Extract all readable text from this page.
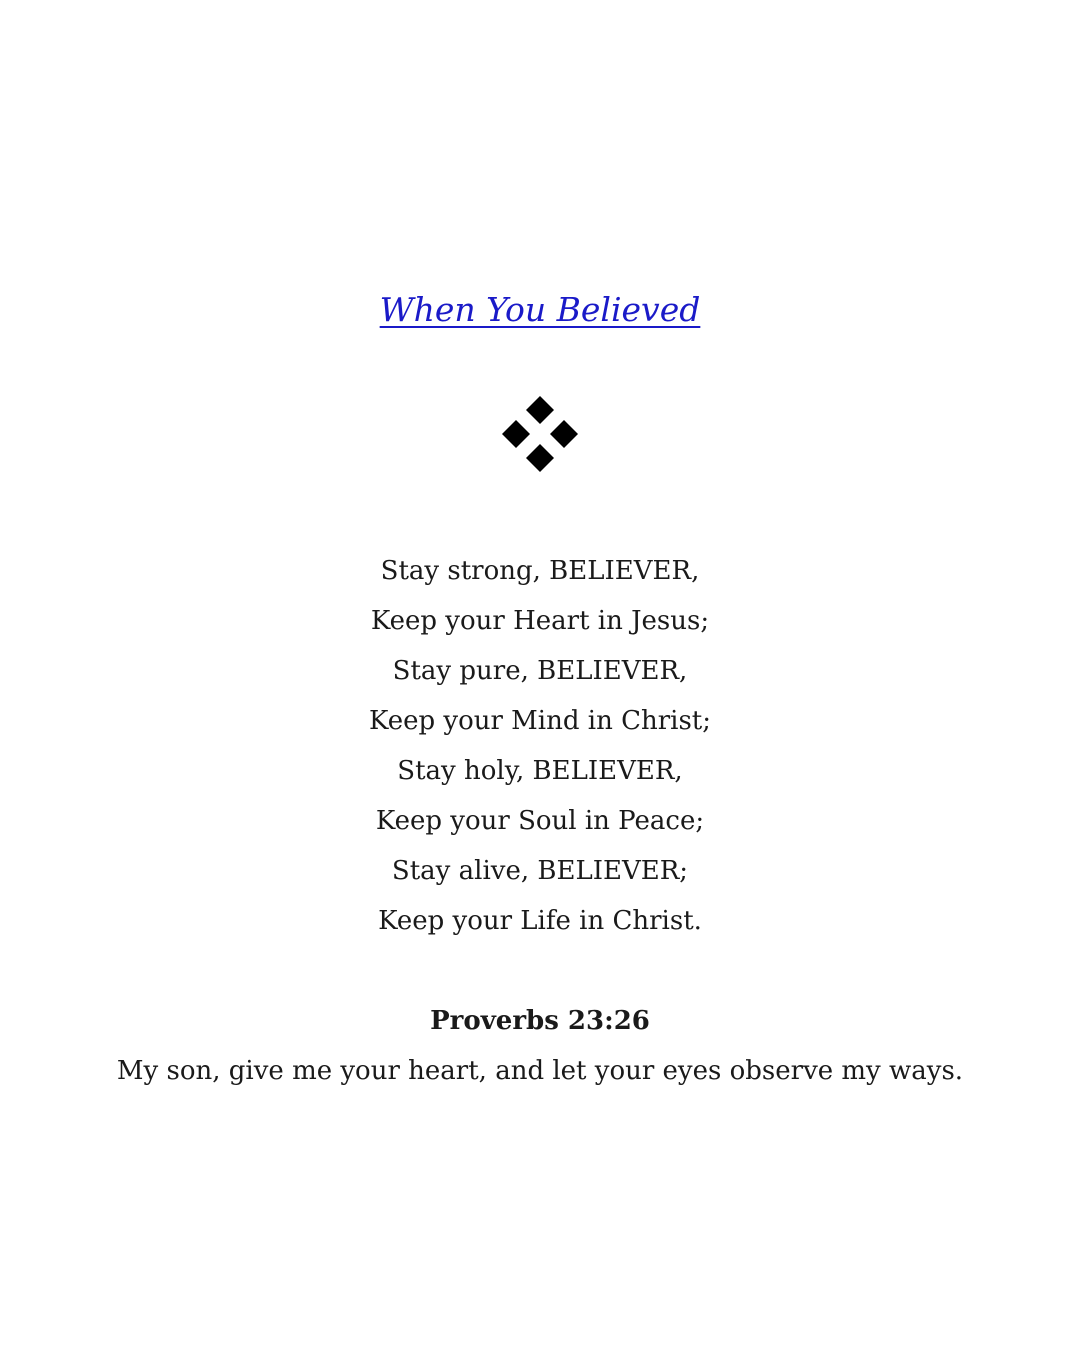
When You Believed
Stay strong, BELIEVER,
Keep your Heart in Jesus;
Stay pure, BELIEVER,
Keep your Mind in Christ;
Stay holy, BELIEVER,
Keep your Soul in Peace;
Stay alive, BELIEVER;
Keep your Life in Christ.
Proverbs 23:26
My son, give me your heart, and let your eyes observe my ways.
